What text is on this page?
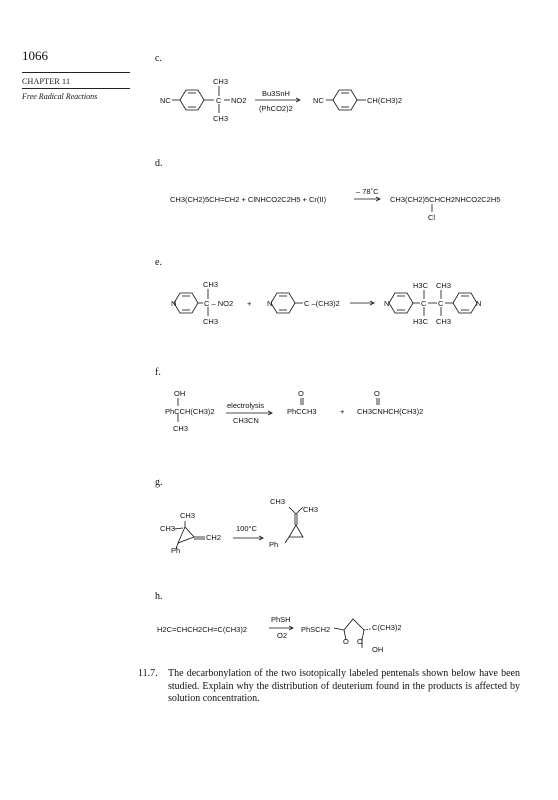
1066
CHAPTER 11
Free Radical Reactions
c.
NC
CH3
C NO2
CH3
Bu3SnH
(PhCO2)2
NC	CH(CH3)2
d.
CH3(CH2)5CH=CH2 + ClNHCO2C2H5 + Cr(II)
– 78˚C
CH3(CH2)5CHCH2NHCO2C2H5
Cl
e.
N	N	N	N
CH3
C – NO2
CH3
+	C –(CH3)2
H3C CH3
C C
H3C CH3
f.
OH
PhCCH(CH3)2
CH3
electrolysis
CH3CN
O
PhCCH3	+
O
CH3CNHCH(CH3)2
g.
CH3
CH3
CH2
Ph
100°C
CH3
CH3
Ph
h.
H2C=CHCH2CH=C(CH3)2
PhSH
O2
PhSCH2	C(CH3)2
O O
OH
11.7. The decarbonylation of the two isotopically labeled pentenals shown below have been studied. Explain why the distribution of deuterium found in the products is affected by solution concentration.
